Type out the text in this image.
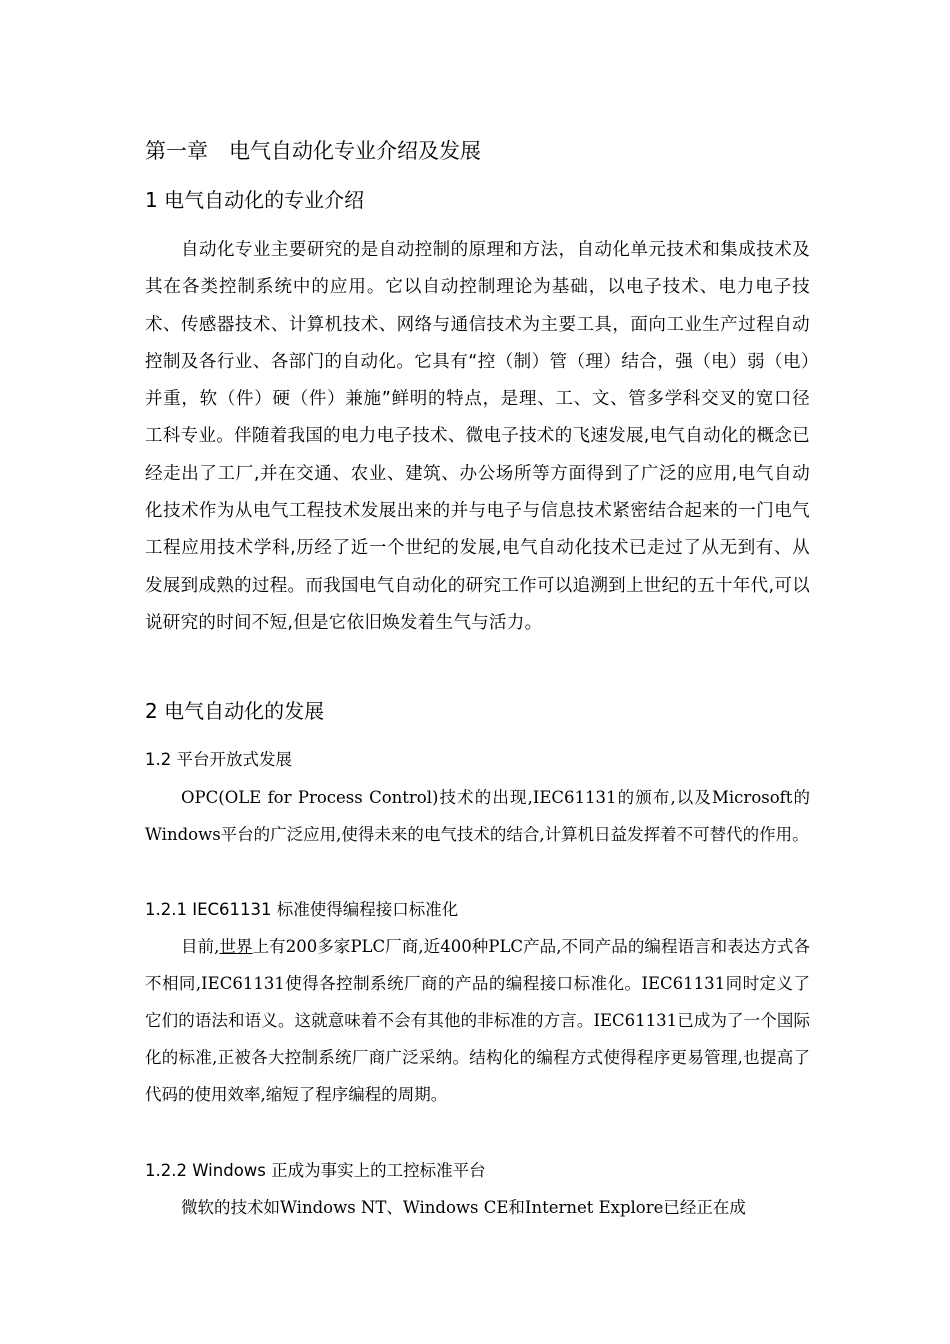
第一章　电气自动化专业介绍及发展
1 电气自动化的专业介绍

自动化专业主要研究的是自动控制的原理和方法，自动化单元技术和集成技术及其在各类控制系统中的应用。它以自动控制理论为基础，以电子技术、电力电子技术、传感器技术、计算机技术、网络与通信技术为主要工具，面向工业生产过程自动控制及各行业、各部门的自动化。它具有“控（制）管（理）结合，强（电）弱（电）并重，软（件）硬（件）兼施”鲜明的特点，是理、工、文、管多学科交叉的宽口径工科专业。伴随着我国的电力电子技术、微电子技术的飞速发展,电气自动化的概念已经走出了工厂,并在交通、农业、建筑、办公场所等方面得到了广泛的应用,电气自动化技术作为从电气工程技术发展出来的并与电子与信息技术紧密结合起来的一门电气工程应用技术学科,历经了近一个世纪的发展,电气自动化技术已走过了从无到有、从发展到成熟的过程。而我国电气自动化的研究工作可以追溯到上世纪的五十年代,可以说研究的时间不短,但是它依旧焕发着生气与活力。

2 电气自动化的发展
1.2 平台开放式发展

OPC(OLE for Process Control)技术的出现,IEC61131的颁布,以及Microsoft的Windows平台的广泛应用,使得未来的电气技术的结合,计算机日益发挥着不可替代的作用。

1.2.1 IEC61131 标准使得编程接口标准化

目前,世界上有200多家PLC厂商,近400种PLC产品,不同产品的编程语言和表达方式各不相同,IEC61131使得各控制系统厂商的产品的编程接口标准化。IEC61131同时定义了它们的语法和语义。这就意味着不会有其他的非标准的方言。IEC61131已成为了一个国际化的标准,正被各大控制系统厂商广泛采纳。结构化的编程方式使得程序更易管理,也提高了代码的使用效率,缩短了程序编程的周期。

1.2.2 Windows 正成为事实上的工控标准平台

微软的技术如Windows NT、Windows CE和Internet Explore已经正在成
